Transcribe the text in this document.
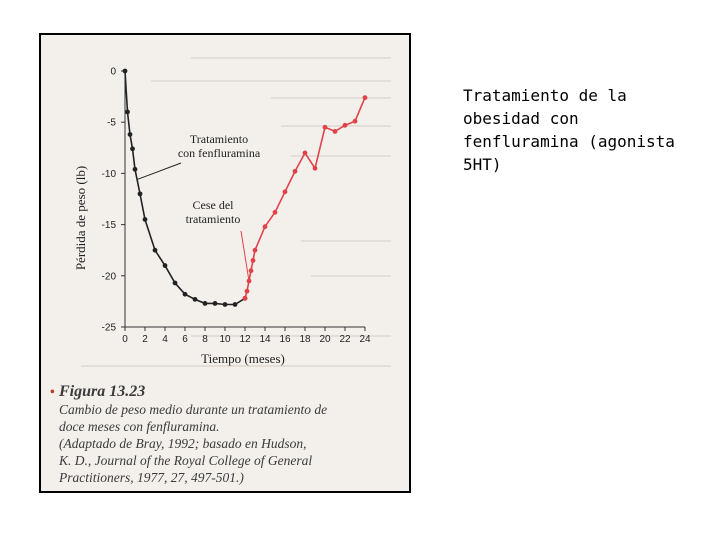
0
-5
-10
-15
-20
-25
0 2 4 6 8 10 12 14 16 18 20 22 24
Pérdida de peso (lb)
Tiempo (meses)
Tratamiento
con fenfluramina
Cese del
tratamiento
• Figura 13.23
Cambio de peso medio durante un tratamiento de
doce meses con fenfluramina.
(Adaptado de Bray, 1992; basado en Hudson,
K. D., Journal of the Royal College of General
Practitioners, 1977, 27, 497-501.)
Tratamiento de la
obesidad con
fenfluramina (agonista
5HT)
